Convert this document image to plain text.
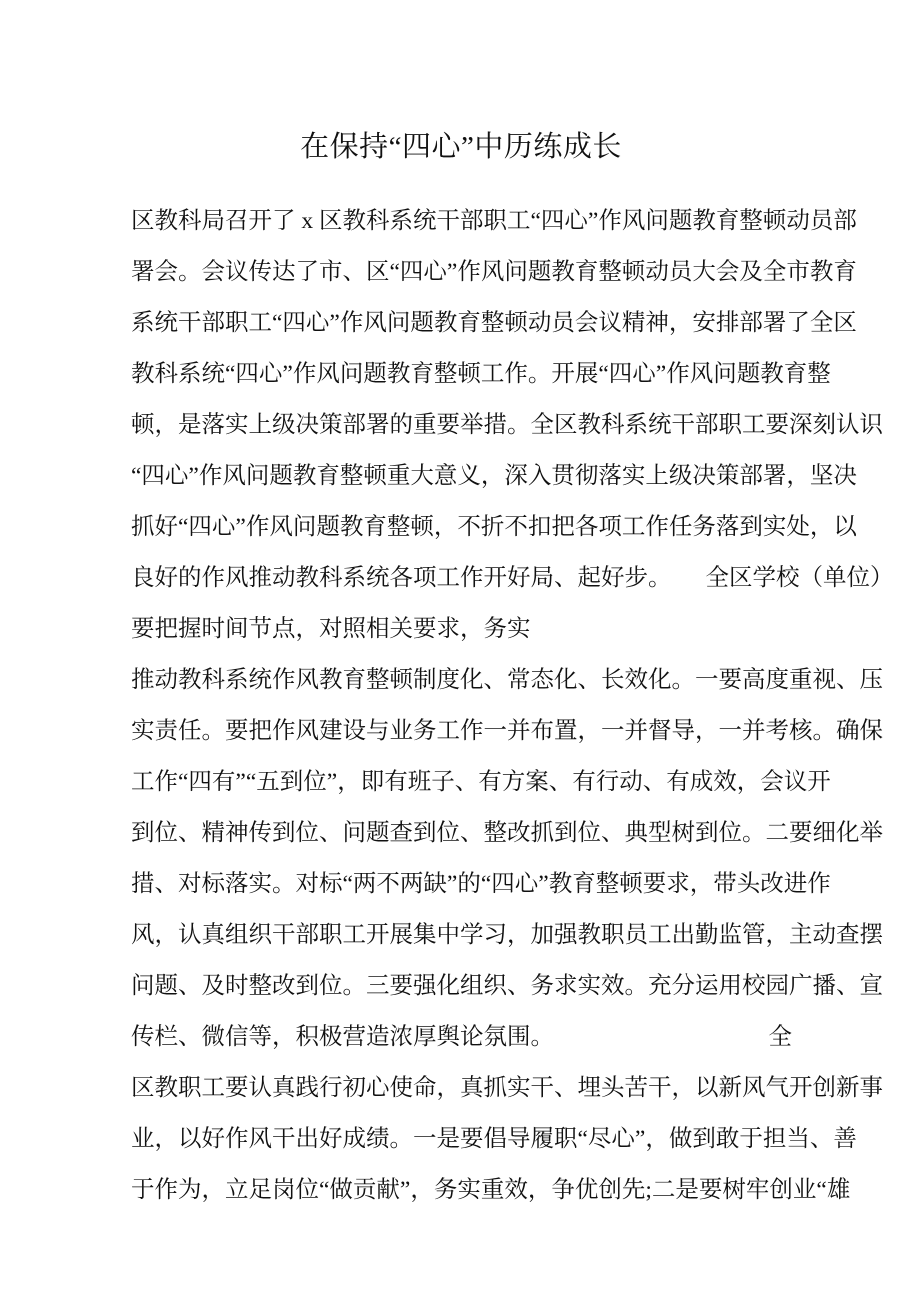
在保持“四心”中历练成长
区教科局召开了 x 区教科系统干部职工“四心”作风问题教育整顿动员部
署会。会议传达了市、区“四心”作风问题教育整顿动员大会及全市教育
系统干部职工“四心”作风问题教育整顿动员会议精神，安排部署了全区
教科系统“四心”作风问题教育整顿工作。开展“四心”作风问题教育整
顿，是落实上级决策部署的重要举措。全区教科系统干部职工要深刻认识
“四心”作风问题教育整顿重大意义，深入贯彻落实上级决策部署，坚决
抓好“四心”作风问题教育整顿，不折不扣把各项工作任务落到实处，以
良好的作风推动教科系统各项工作开好局、起好步。 全区学校（单位）
要把握时间节点，对照相关要求，务实
推动教科系统作风教育整顿制度化、常态化、长效化。一要高度重视、压
实责任。要把作风建设与业务工作一并布置，一并督导，一并考核。确保
工作“四有”“五到位”，即有班子、有方案、有行动、有成效，会议开
到位、精神传到位、问题查到位、整改抓到位、典型树到位。二要细化举
措、对标落实。对标“两不两缺”的“四心”教育整顿要求，带头改进作
风，认真组织干部职工开展集中学习，加强教职员工出勤监管，主动查摆
问题、及时整改到位。三要强化组织、务求实效。充分运用校园广播、宣
传栏、微信等，积极营造浓厚舆论氛围。	全
区教职工要认真践行初心使命，真抓实干、埋头苦干，以新风气开创新事
业，以好作风干出好成绩。一是要倡导履职“尽心”，做到敢于担当、善
于作为，立足岗位“做贡献”，务实重效，争优创先;二是要树牢创业“雄
